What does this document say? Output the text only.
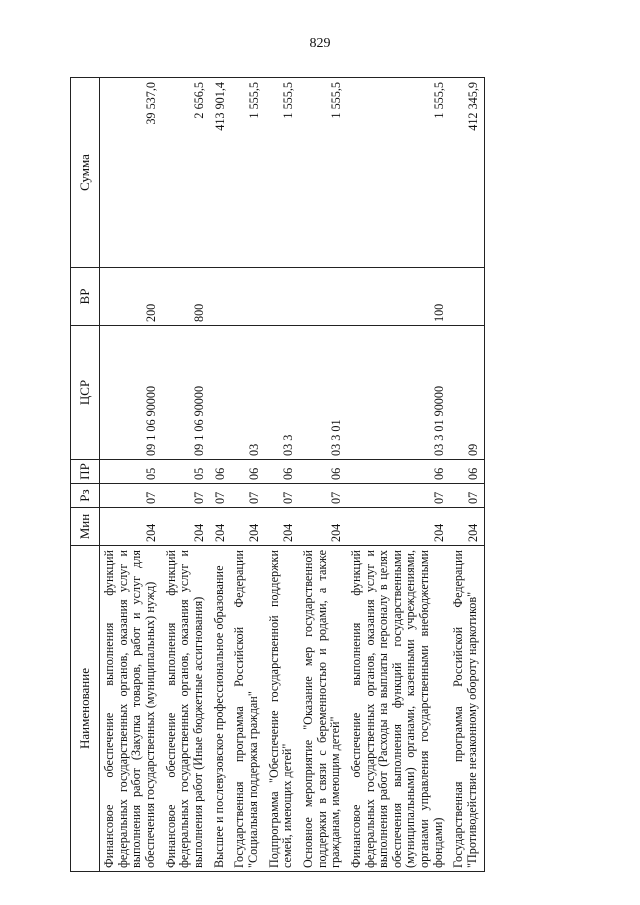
829
Наименование	Мин	Рз	ПР	ЦСР	ВР	Сумма
Финансовое обеспечение выполнения функций федеральных государственных органов, оказания услуг и выполнения работ (Закупка товаров, работ и услуг для обеспечения государственных (муниципальных) нужд)	204	07	05	09 1 06 90000	200	39 537,0
Финансовое обеспечение выполнения функций федеральных государственных органов, оказания услуг и выполнения работ (Иные бюджетные ассигнования)	204	07	05	09 1 06 90000	800	2 656,5
Высшее и послевузовское профессиональное образование	204	07	06			413 901,4
Государственная программа Российской Федерации "Социальная поддержка граждан"	204	07	06	03		1 555,5
Подпрограмма "Обеспечение государственной поддержки семей, имеющих детей"	204	07	06	03 3		1 555,5
Основное мероприятие "Оказание мер государственной поддержки в связи с беременностью и родами, а также гражданам, имеющим детей"	204	07	06	03 3 01		1 555,5
Финансовое обеспечение выполнения функций федеральных государственных органов, оказания услуг и выполнения работ (Расходы на выплаты персоналу в целях обеспечения выполнения функций государственными (муниципальными) органами, казенными учреждениями, органами управления государственными внебюджетными фондами)	204	07	06	03 3 01 90000	100	1 555,5
Государственная программа Российской Федерации "Противодействие незаконному обороту наркотиков"	204	07	06	09		412 345,9
